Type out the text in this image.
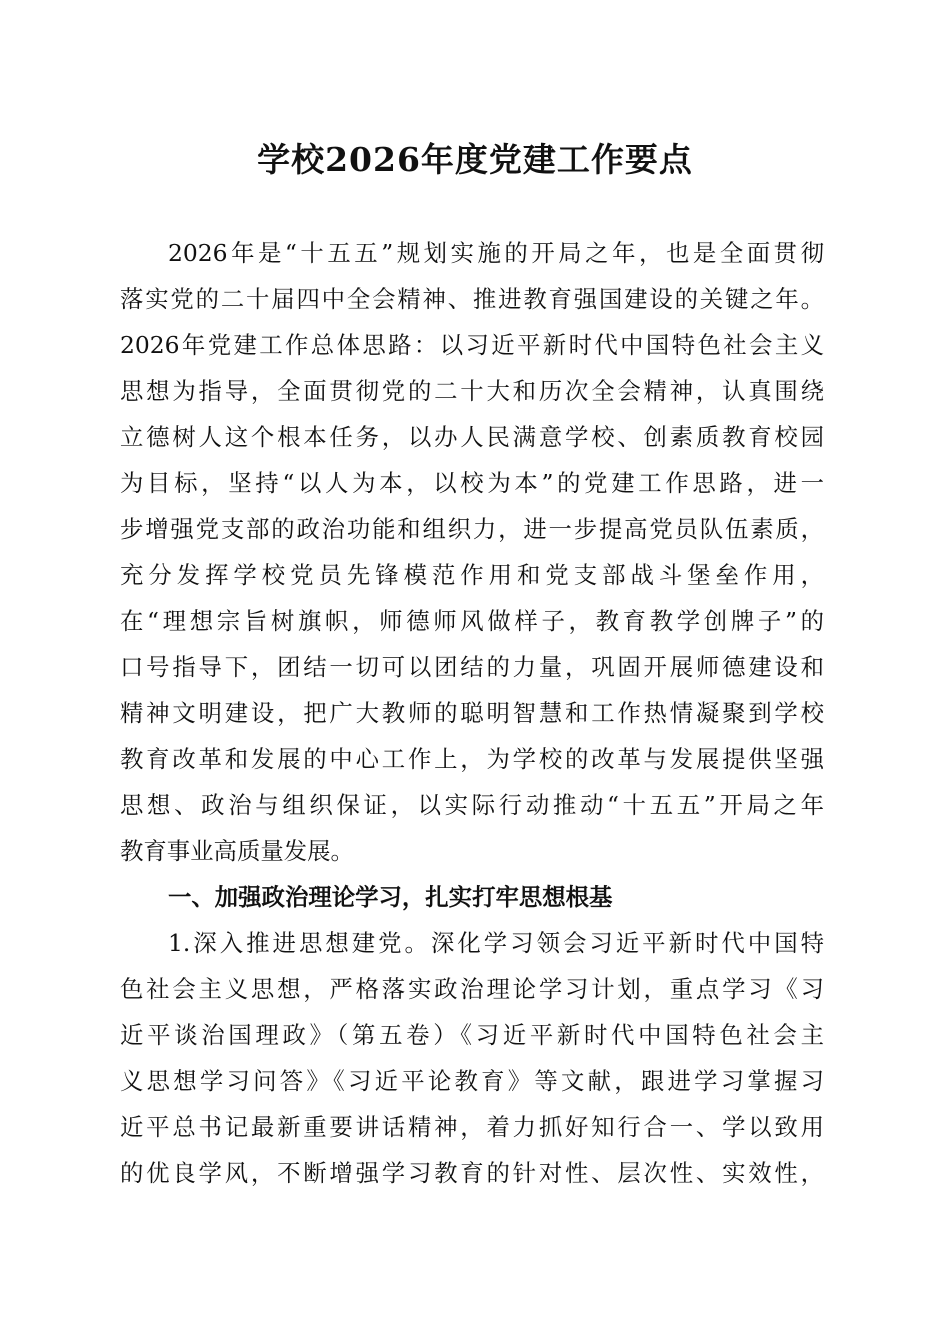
学校2026年度党建工作要点

2026年是“十五五”规划实施的开局之年，也是全面贯彻

落实党的二十届四中全会精神、推进教育强国建设的关键之年。

2026年党建工作总体思路：以习近平新时代中国特色社会主义

思想为指导，全面贯彻党的二十大和历次全会精神，认真围绕

立德树人这个根本任务，以办人民满意学校、创素质教育校园

为目标，坚持“以人为本，以校为本”的党建工作思路，进一

步增强党支部的政治功能和组织力，进一步提高党员队伍素质，

充分发挥学校党员先锋模范作用和党支部战斗堡垒作用，

在“理想宗旨树旗帜，师德师风做样子，教育教学创牌子”的

口号指导下，团结一切可以团结的力量，巩固开展师德建设和

精神文明建设，把广大教师的聪明智慧和工作热情凝聚到学校

教育改革和发展的中心工作上，为学校的改革与发展提供坚强

思想、政治与组织保证，以实际行动推动“十五五”开局之年

教育事业高质量发展。

一、加强政治理论学习，扎实打牢思想根基

1.深入推进思想建党。深化学习领会习近平新时代中国特

色社会主义思想，严格落实政治理论学习计划，重点学习《习

近平谈治国理政》（第五卷）《习近平新时代中国特色社会主

义思想学习问答》《习近平论教育》等文献，跟进学习掌握习

近平总书记最新重要讲话精神，着力抓好知行合一、学以致用

的优良学风，不断增强学习教育的针对性、层次性、实效性，
